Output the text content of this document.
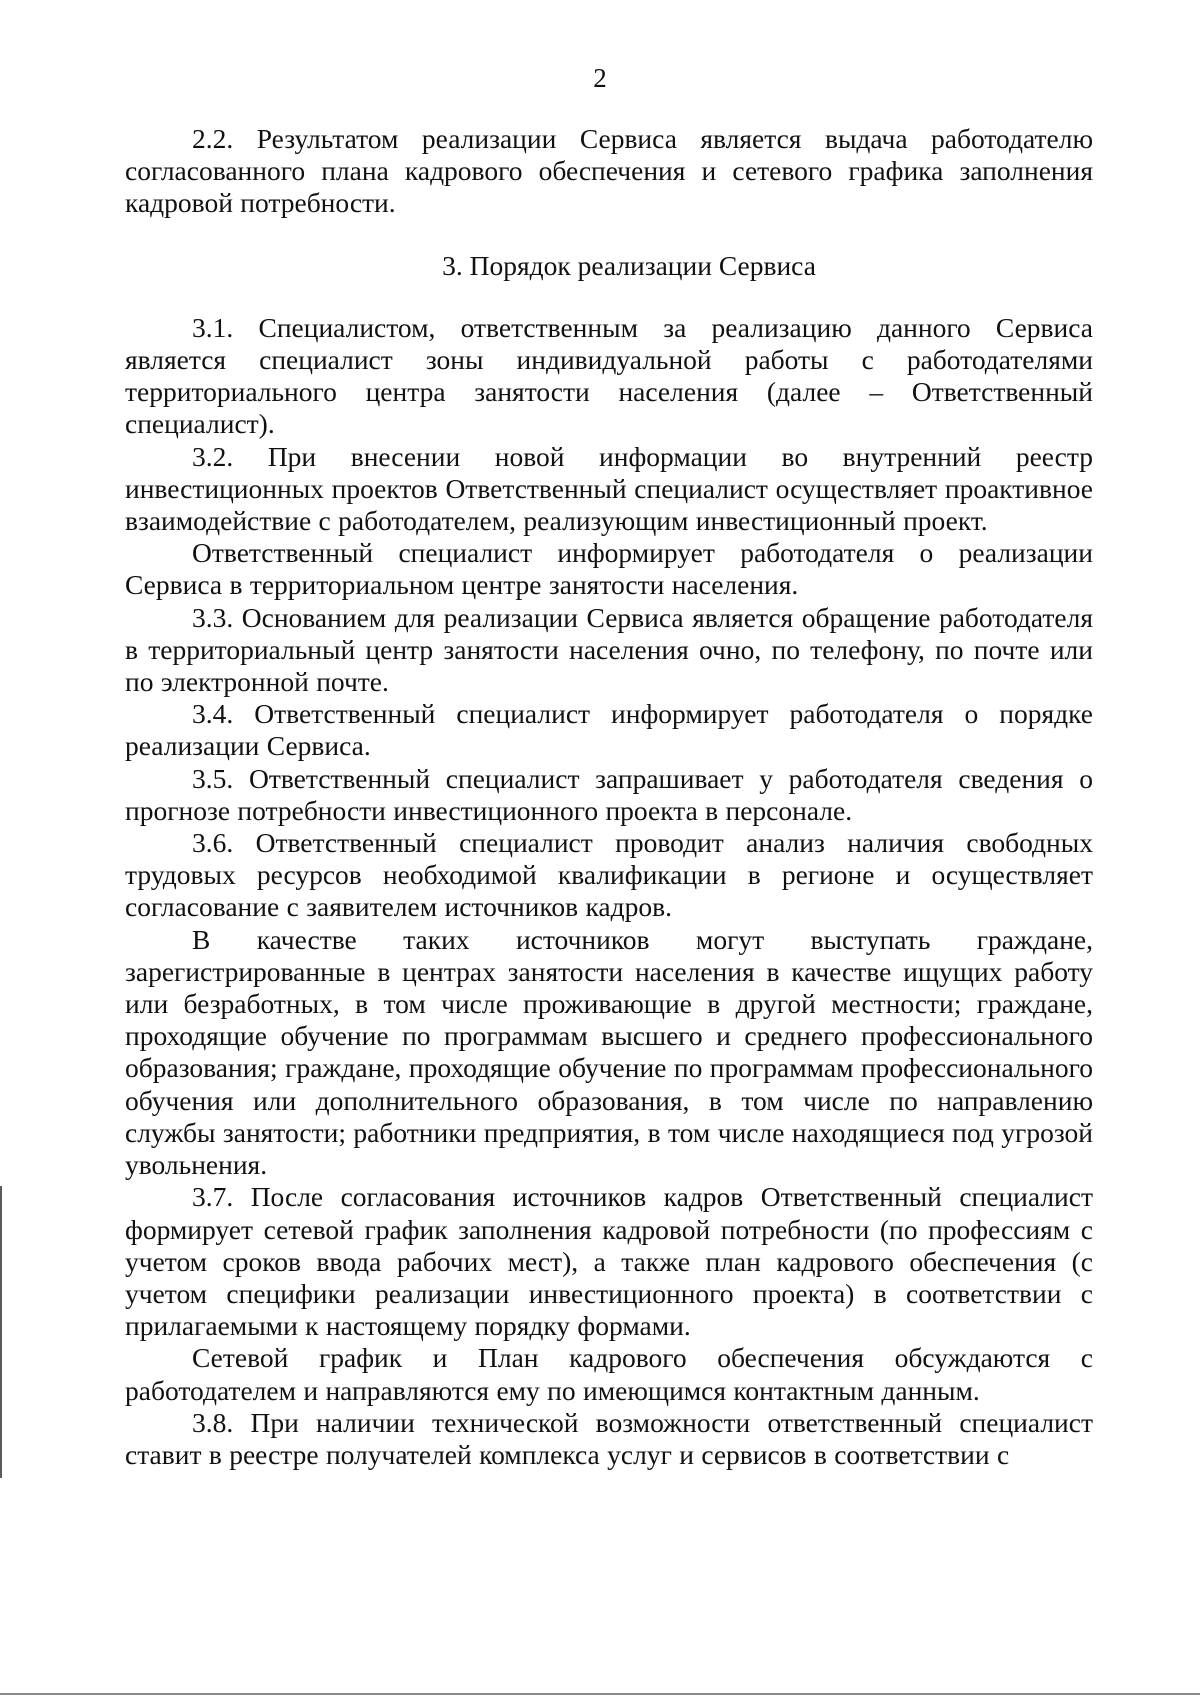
2

2.2. Результатом реализации Сервиса является выдача работодателю согласованного плана кадрового обеспечения и сетевого графика заполнения кадровой потребности.

3. Порядок реализации Сервиса

3.1. Специалистом, ответственным за реализацию данного Сервиса является специалист зоны индивидуальной работы с работодателями территориального центра занятости населения (далее – Ответственный специалист).

3.2. При внесении новой информации во внутренний реестр инвестиционных проектов Ответственный специалист осуществляет проактивное взаимодействие с работодателем, реализующим инвестиционный проект.

Ответственный специалист информирует работодателя о реализации Сервиса в территориальном центре занятости населения.

3.3. Основанием для реализации Сервиса является обращение работодателя в территориальный центр занятости населения очно, по телефону, по почте или по электронной почте.

3.4. Ответственный специалист информирует работодателя о порядке реализации Сервиса.

3.5. Ответственный специалист запрашивает у работодателя сведения о прогнозе потребности инвестиционного проекта в персонале.

3.6. Ответственный специалист проводит анализ наличия свободных трудовых ресурсов необходимой квалификации в регионе и осуществляет согласование с заявителем источников кадров.

В качестве таких источников могут выступать граждане, зарегистрированные в центрах занятости населения в качестве ищущих работу или безработных, в том числе проживающие в другой местности; граждане, проходящие обучение по программам высшего и среднего профессионального образования; граждане, проходящие обучение по программам профессионального обучения или дополнительного образования, в том числе по направлению службы занятости; работники предприятия, в том числе находящиеся под угрозой увольнения.

3.7. После согласования источников кадров Ответственный специалист формирует сетевой график заполнения кадровой потребности (по профессиям с учетом сроков ввода рабочих мест), а также план кадрового обеспечения (с учетом специфики реализации инвестиционного проекта) в соответствии с прилагаемыми к настоящему порядку формами.

Сетевой график и План кадрового обеспечения обсуждаются с работодателем и направляются ему по имеющимся контактным данным.

3.8. При наличии технической возможности ответственный специалист ставит в реестре получателей комплекса услуг и сервисов в соответствии с
